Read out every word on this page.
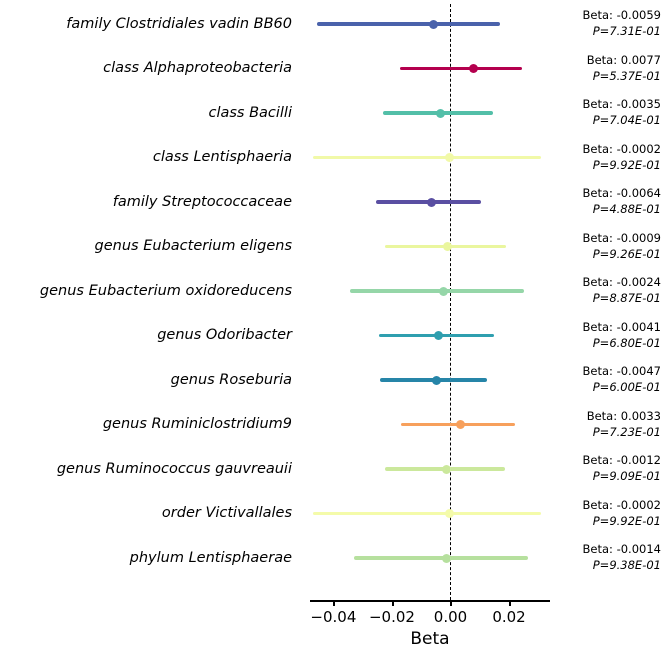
family Clostridiales vadin BB60
Beta: -0.0059
P=7.31E-01
class Alphaproteobacteria
Beta: 0.0077
P=5.37E-01
class Bacilli
Beta: -0.0035
P=7.04E-01
class Lentisphaeria
Beta: -0.0002
P=9.92E-01
family Streptococcaceae
Beta: -0.0064
P=4.88E-01
genus Eubacterium eligens
Beta: -0.0009
P=9.26E-01
genus Eubacterium oxidoreducens
Beta: -0.0024
P=8.87E-01
genus Odoribacter
Beta: -0.0041
P=6.80E-01
genus Roseburia
Beta: -0.0047
P=6.00E-01
genus Ruminiclostridium9
Beta: 0.0033
P=7.23E-01
genus Ruminococcus gauvreauii
Beta: -0.0012
P=9.09E-01
order Victivallales
Beta: -0.0002
P=9.92E-01
phylum Lentisphaerae
Beta: -0.0014
P=9.38E-01
−0.04 −0.02 0.00 0.02
Beta
